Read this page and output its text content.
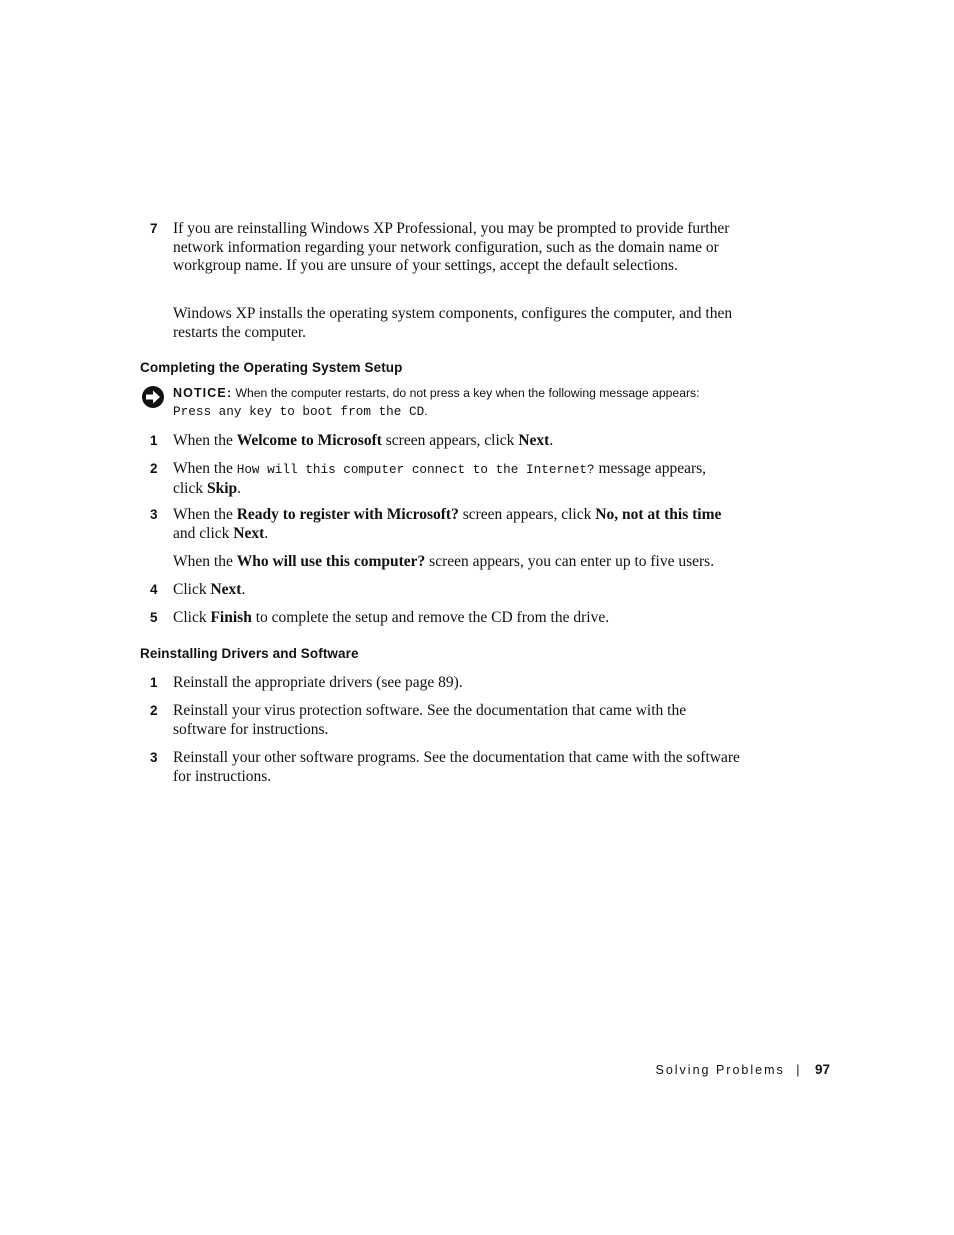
7 If you are reinstalling Windows XP Professional, you may be prompted to provide further network information regarding your network configuration, such as the domain name or workgroup name. If you are unsure of your settings, accept the default selections.
Windows XP installs the operating system components, configures the computer, and then restarts the computer.
Completing the Operating System Setup
NOTICE: When the computer restarts, do not press a key when the following message appears:
Press any key to boot from the CD.
1 When the Welcome to Microsoft screen appears, click Next.
2 When the How will this computer connect to the Internet? message appears, click Skip.
3 When the Ready to register with Microsoft? screen appears, click No, not at this time and click Next.
When the Who will use this computer? screen appears, you can enter up to five users.
4 Click Next.
5 Click Finish to complete the setup and remove the CD from the drive.
Reinstalling Drivers and Software
1 Reinstall the appropriate drivers (see page 89).
2 Reinstall your virus protection software. See the documentation that came with the software for instructions.
3 Reinstall your other software programs. See the documentation that came with the software for instructions.
Solving Problems | 97
